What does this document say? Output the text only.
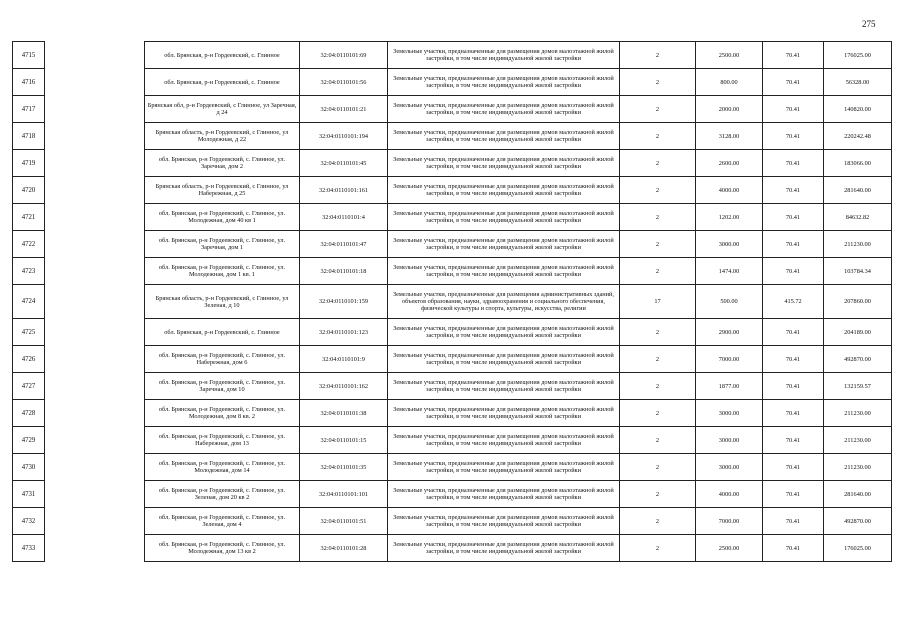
275
4715		обл. Брянская, р-н Гордеевский, с. Глинное	32:04:0110101:69	Земельные участки, предназначенные для размещения домов малоэтажной жилой застройки, в том числе индивидуальной жилой застройки	2	2500.00	70.41	176025.00
4716		обл. Брянская, р-н Гордеевский, с. Глинное	32:04:0110101:56	Земельные участки, предназначенные для размещения домов малоэтажной жилой застройки, в том числе индивидуальной жилой застройки	2	800.00	70.41	56328.00
4717		Брянская обл, р-н Гордеевский, с Глинное, ул Заречная, д 24	32:04:0110101:21	Земельные участки, предназначенные для размещения домов малоэтажной жилой застройки, в том числе индивидуальной жилой застройки	2	2000.00	70.41	140820.00
4718		Брянская область, р-н Гордеевский, с Глинное, ул Молодежная, д 22	32:04:0110101:194	Земельные участки, предназначенные для размещения домов малоэтажной жилой застройки, в том числе индивидуальной жилой застройки	2	3128.00	70.41	220242.48
4719		обл. Брянская, р-н Гордеевский, с. Глинное, ул. Заречная, дом 2	32:04:0110101:45	Земельные участки, предназначенные для размещения домов малоэтажной жилой застройки, в том числе индивидуальной жилой застройки	2	2600.00	70.41	183066.00
4720		Брянская область, р-н Гордеевский, с Глинное, ул Набережная, д 25	32:04:0110101:161	Земельные участки, предназначенные для размещения домов малоэтажной жилой застройки, в том числе индивидуальной жилой застройки	2	4000.00	70.41	281640.00
4721		обл. Брянская, р-н Гордеевский, с. Глинное, ул. Молодежная, дом 40 кв 1	32:04:0110101:4	Земельные участки, предназначенные для размещения домов малоэтажной жилой застройки, в том числе индивидуальной жилой застройки	2	1202.00	70.41	84632.82
4722		обл. Брянская, р-н Гордеевский, с. Глинное, ул. Заречная, дом 1	32:04:0110101:47	Земельные участки, предназначенные для размещения домов малоэтажной жилой застройки, в том числе индивидуальной жилой застройки	2	3000.00	70.41	211230.00
4723		обл. Брянская, р-н Гордеевский, с. Глинное, ул. Молодежная, дом 1 кв. 1	32:04:0110101:18	Земельные участки, предназначенные для размещения домов малоэтажной жилой застройки, в том числе индивидуальной жилой застройки	2	1474.00	70.41	103784.34
4724		Брянская область, р-н Гордеевский, с Глинное, ул Зеленая, д 10	32:04:0110101:159	Земельные участки, предназначенные для размещения административных зданий, объектов образования, науки, здравоохранения и социального обеспечения, физической культуры и спорта, культуры, искусства, религии	17	500.00	415.72	207860.00
4725		обл. Брянская, р-н Гордеевский, с. Глинное	32:04:0110101:123	Земельные участки, предназначенные для размещения домов малоэтажной жилой застройки, в том числе индивидуальной жилой застройки	2	2900.00	70.41	204189.00
4726		обл. Брянская, р-н Гордеевский, с. Глинное, ул. Набережная, дом 6	32:04:0110101:9	Земельные участки, предназначенные для размещения домов малоэтажной жилой застройки, в том числе индивидуальной жилой застройки	2	7000.00	70.41	492870.00
4727		обл. Брянская, р-н Гордеевский, с. Глинное, ул. Заречная, дом 10	32:04:0110101:162	Земельные участки, предназначенные для размещения домов малоэтажной жилой застройки, в том числе индивидуальной жилой застройки	2	1877.00	70.41	132159.57
4728		обл. Брянская, р-н Гордеевский, с. Глинное, ул. Молодежная, дом 8 кв. 2	32:04:0110101:38	Земельные участки, предназначенные для размещения домов малоэтажной жилой застройки, в том числе индивидуальной жилой застройки	2	3000.00	70.41	211230.00
4729		обл. Брянская, р-н Гордеевский, с. Глинное, ул. Набережная, дом 13	32:04:0110101:15	Земельные участки, предназначенные для размещения домов малоэтажной жилой застройки, в том числе индивидуальной жилой застройки	2	3000.00	70.41	211230.00
4730		обл. Брянская, р-н Гордеевский, с. Глинное, ул. Молодежная, дом 14	32:04:0110101:35	Земельные участки, предназначенные для размещения домов малоэтажной жилой застройки, в том числе индивидуальной жилой застройки	2	3000.00	70.41	211230.00
4731		обл. Брянская, р-н Гордеевский, с. Глинное, ул. Зеленая, дом 20 кв 2	32:04:0110101:101	Земельные участки, предназначенные для размещения домов малоэтажной жилой застройки, в том числе индивидуальной жилой застройки	2	4000.00	70.41	281640.00
4732		обл. Брянская, р-н Гордеевский, с. Глинное, ул. Зеленая, дом 4	32:04:0110101:51	Земельные участки, предназначенные для размещения домов малоэтажной жилой застройки, в том числе индивидуальной жилой застройки	2	7000.00	70.41	492870.00
4733		обл. Брянская, р-н Гордеевский, с. Глинное, ул. Молодежная, дом 13 кв 2	32:04:0110101:28	Земельные участки, предназначенные для размещения домов малоэтажной жилой застройки, в том числе индивидуальной жилой застройки	2	2500.00	70.41	176025.00
